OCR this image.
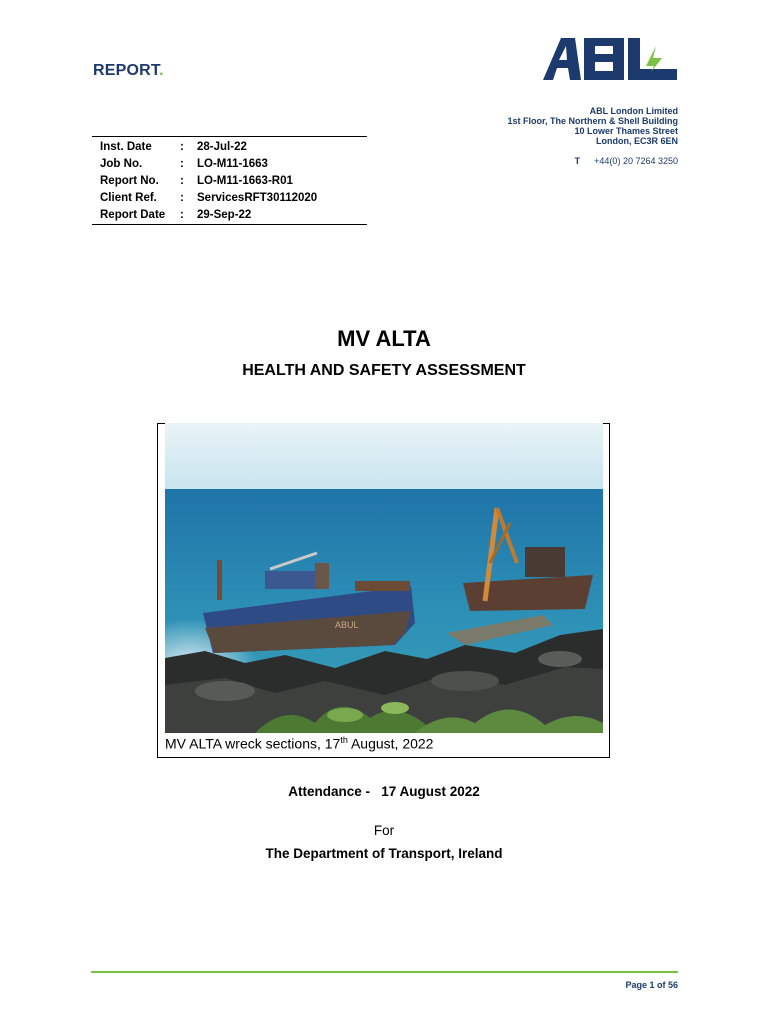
REPORT.
ABL London Limited
1st Floor, The Northern & Shell Building
10 Lower Thames Street
London, EC3R 6EN
T +44(0) 20 7264 3250
Inst. Date	:	28-Jul-22
Job No.	:	LO-M11-1663
Report No.	:	LO-M11-1663-R01
Client Ref.	:	ServicesRFT30112020
Report Date	:	29-Sep-22
MV ALTA
HEALTH AND SAFETY ASSESSMENT
ABUL
MV ALTA wreck sections, 17th August, 2022
Attendance -   17 August 2022
For
The Department of Transport, Ireland
Page 1 of 56
